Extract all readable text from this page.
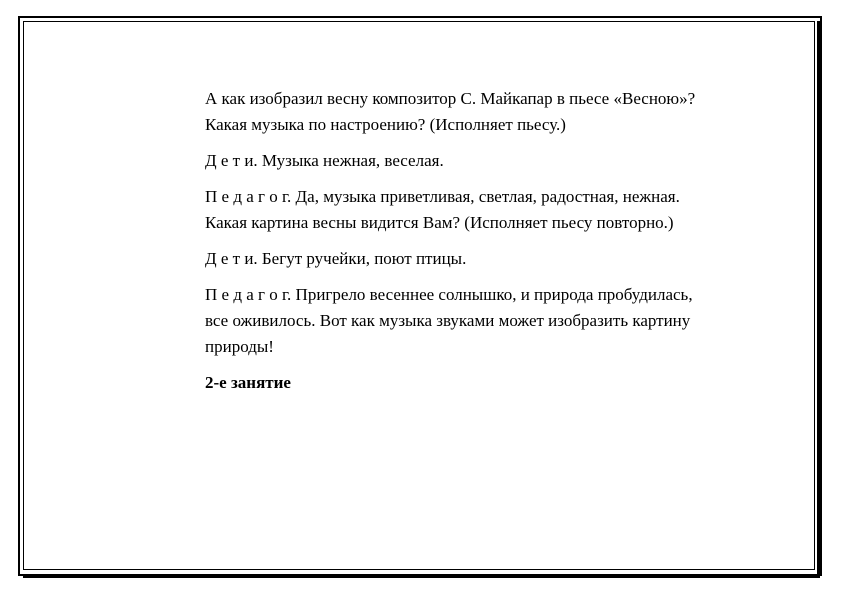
А как изобразил весну композитор С. Майкапар в пьесе «Весною»? Какая музыка по настроению? (Исполняет пьесу.)

Д е т и. Музыка нежная, веселая.

П е д а г о г. Да, музыка приветливая, светлая, радостная, нежная. Какая картина весны видится Вам? (Исполняет пьесу повторно.)

Д е т и. Бегут ручейки, поют птицы.

П е д а г о г. Пригрело весеннее солнышко, и природа пробудилась, все оживилось. Вот как музыка звуками может изобразить картину природы!

2-е занятие
